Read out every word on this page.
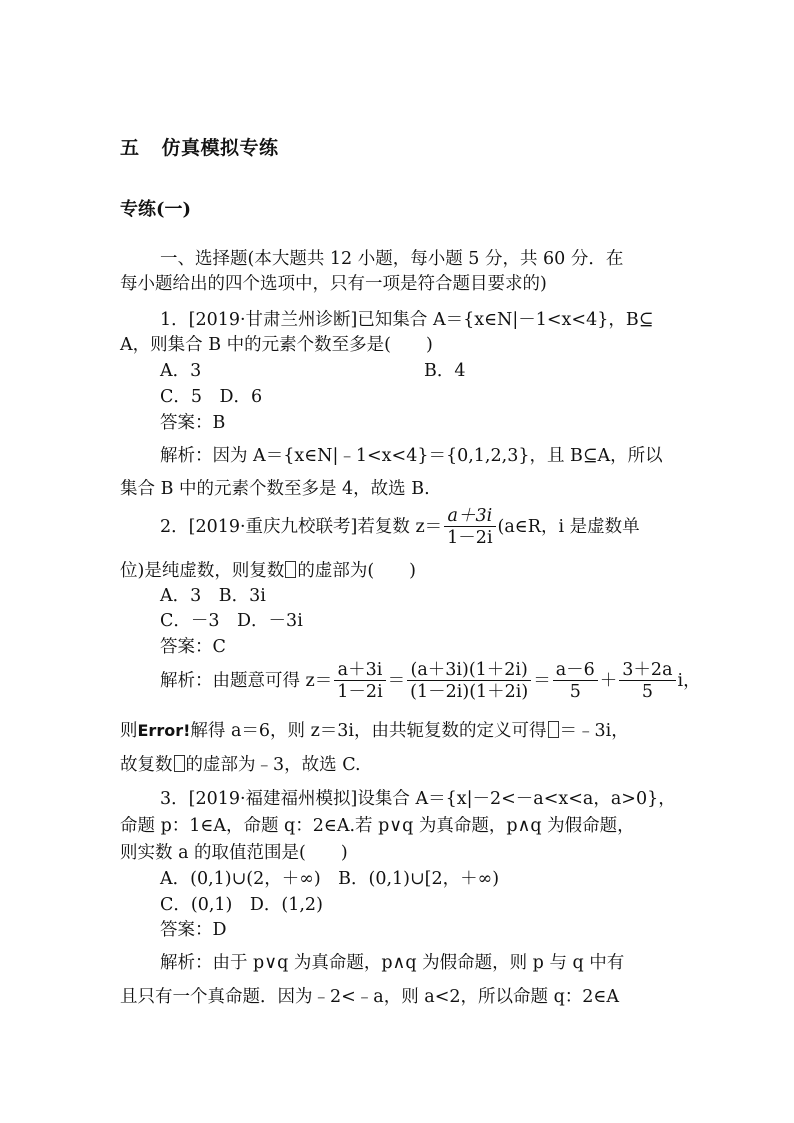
五 仿真模拟专练
专练(一)
一、选择题(本大题共 12 小题，每小题 5 分，共 60 分．在
每小题给出的四个选项中，只有一项是符合题目要求的)
1．[2019·甘肃兰州诊断]已知集合 A＝{x∈N|－1<x<4}，B⊆
A，则集合 B 中的元素个数至多是(　　)
A．3	B．4
C．5　D．6
答案：B
解析：因为 A＝{x∈N|﹣1<x<4}＝{0,1,2,3}，且 B⊆A，所以
集合 B 中的元素个数至多是 4，故选 B.
2．[2019·重庆九校联考]若复数 $z= \frac{a+3i}{1-2i}$ (a∈R，i 是虚数单
位)是纯虚数，则复数 的虚部为(　　)
A．3　B．3i
C．－3　D．－3i
答案：C
解析：由题意可得 $z= \frac{a+3i}{1-2i} = \frac{(a+3i)(1+2i)}{(1-2i)(1+2i)} = \frac{a-6}{5} + \frac{3+2a}{5}$ i，
则Error!解得 a＝6，则 z＝3i，由共轭复数的定义可得 ＝﹣3i，
故复数 的虚部为﹣3，故选 C.
3．[2019·福建福州模拟]设集合 A＝{x|－2<－a<x<a，a>0}，
命题 p：1∈A，命题 q：2∈A.若 p∨q 为真命题，p∧q 为假命题，
则实数 a 的取值范围是(　　)
A．(0,1)∪(2，＋∞)　B．(0,1)∪[2，＋∞)
C．(0,1)　D．(1,2)
答案：D
解析：由于 p∨q 为真命题，p∧q 为假命题，则 p 与 q 中有
且只有一个真命题．因为﹣2<﹣a，则 a<2，所以命题 q：2∈A
